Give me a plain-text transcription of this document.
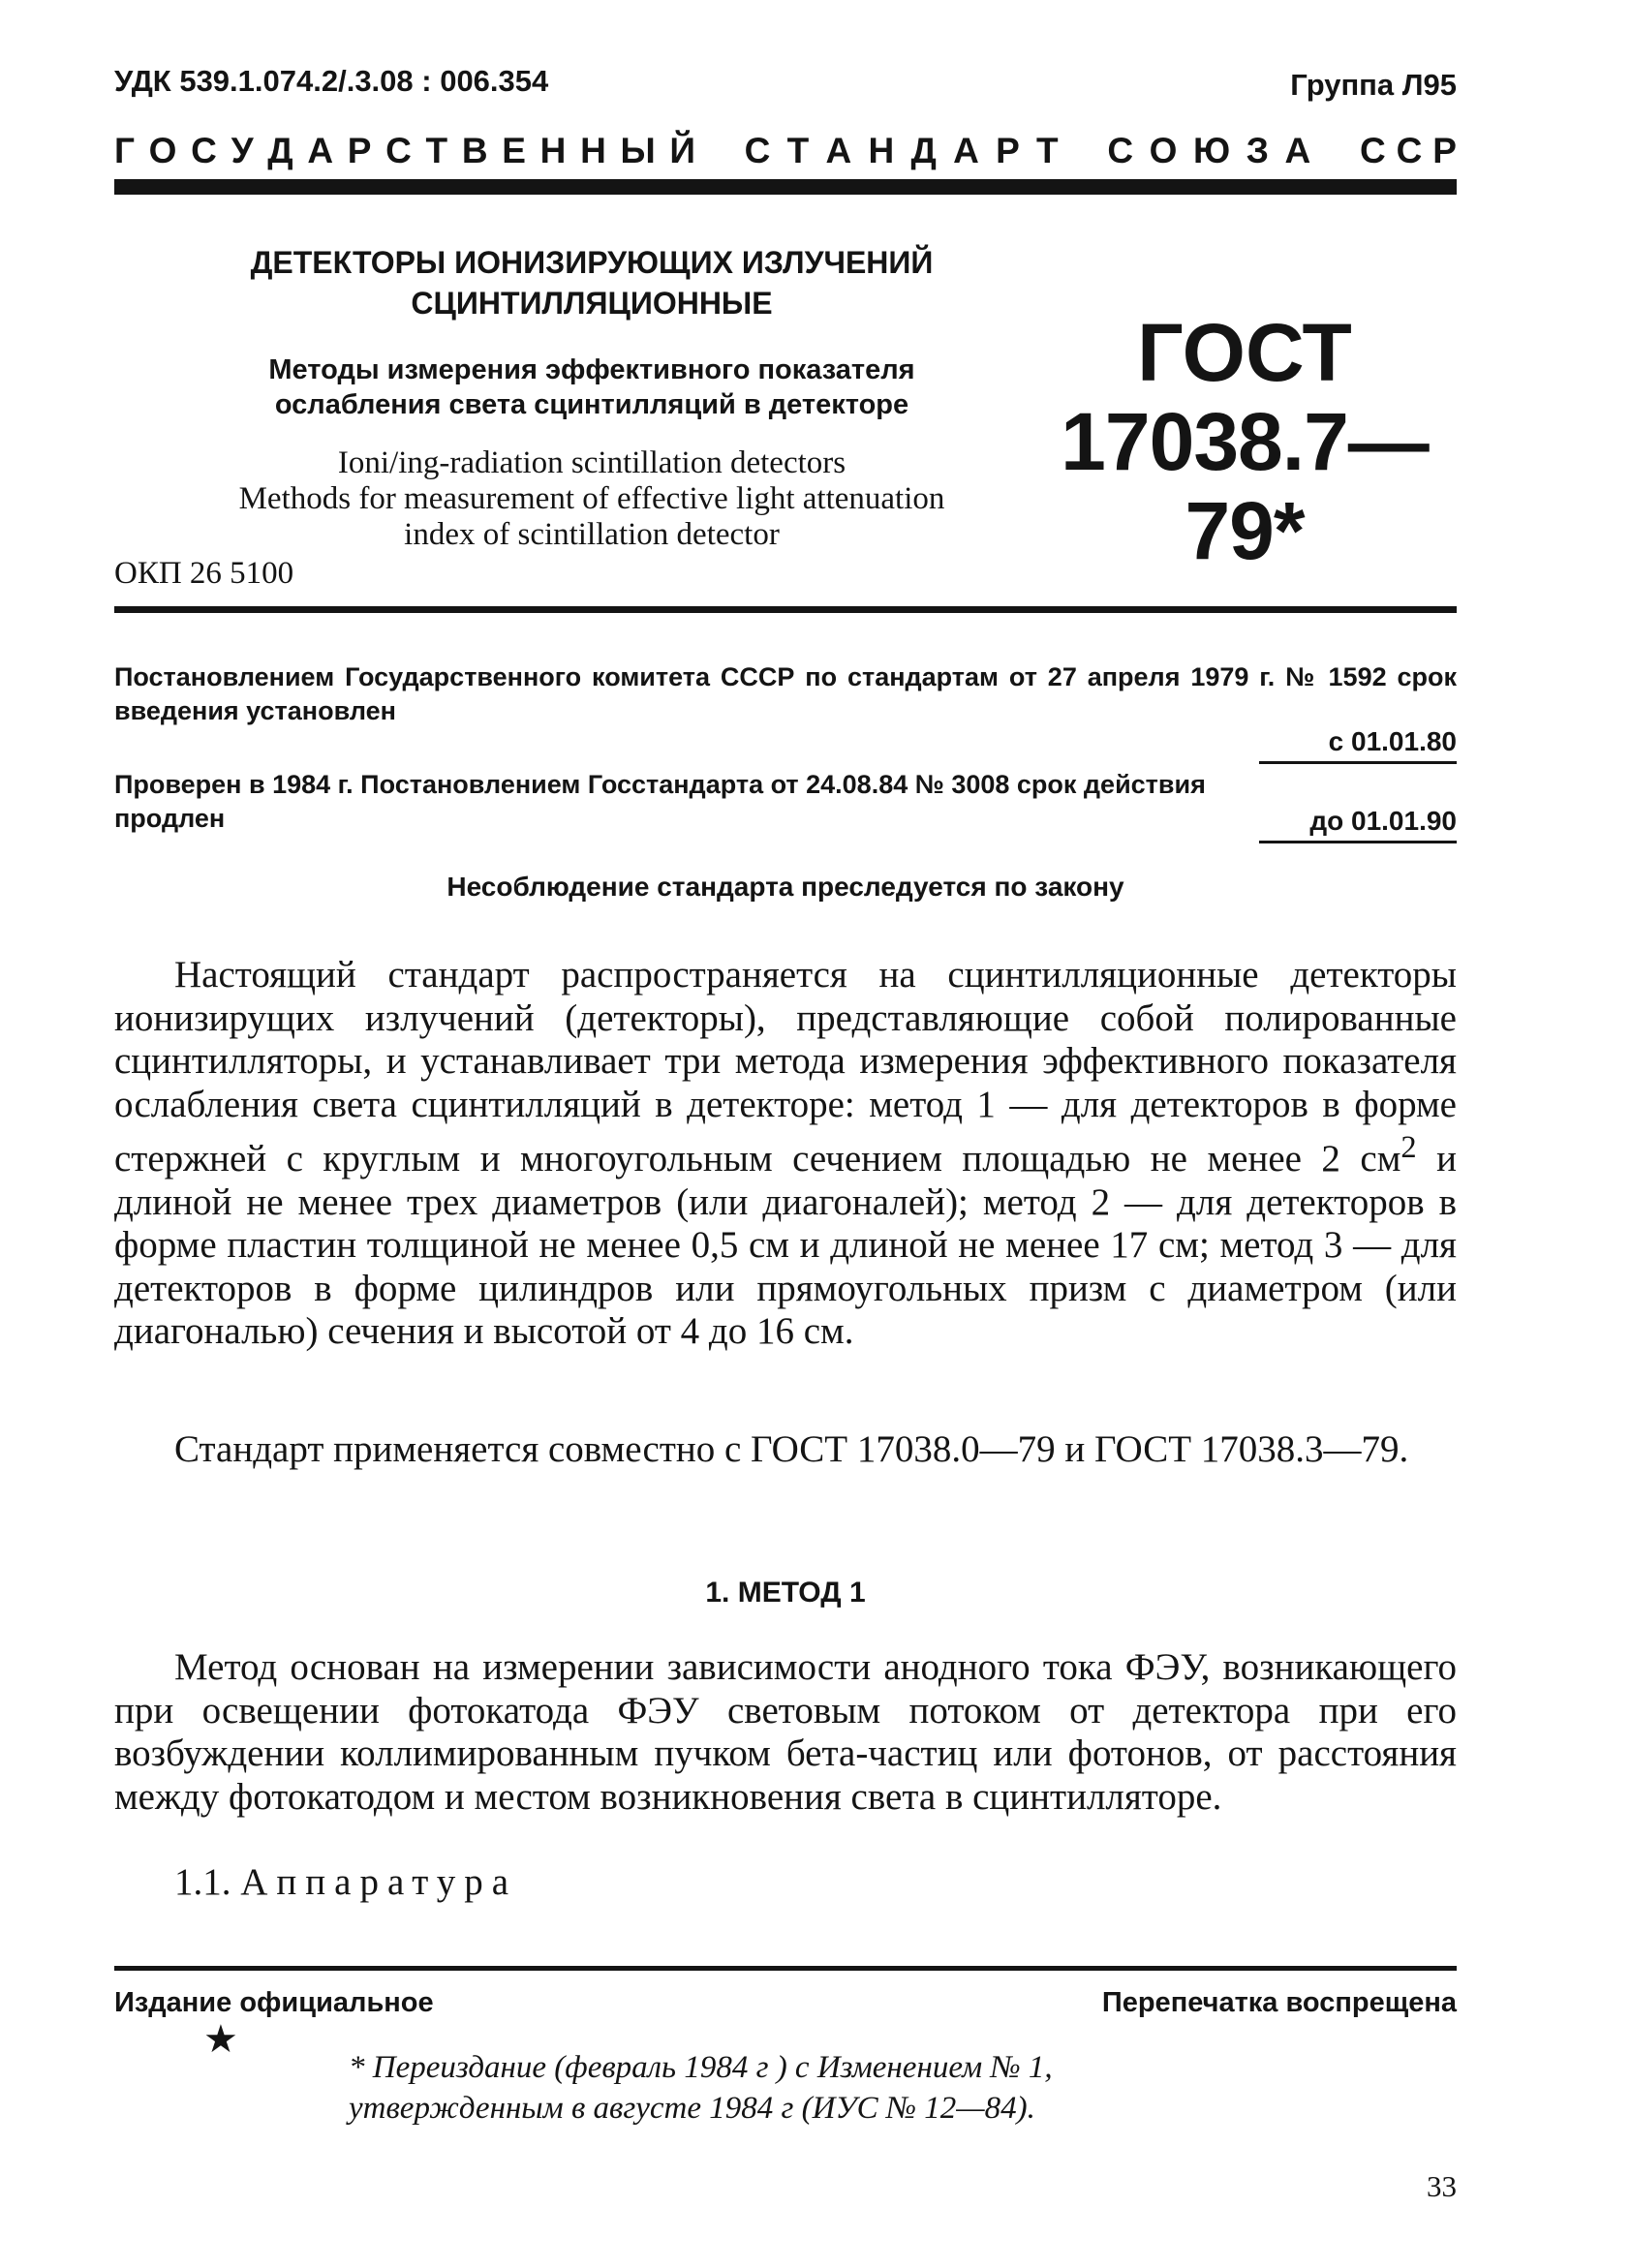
УДК 539.1.074.2/.3.08 : 006.354	Группа Л95
Г О С У Д А Р С Т В Е Н Н Ы Й С Т А Н Д А Р Т С О Ю З А С С Р
ДЕТЕКТОРЫ ИОНИЗИРУЮЩИХ ИЗЛУЧЕНИЙ
СЦИНТИЛЛЯЦИОННЫЕ
Методы измерения эффективного показателя
ослабления света сцинтилляций в детекторе
Ioni/ing-radiation scintillation detectors
Methods for measurement of effective light attenuation
index of scintillation detector
ОКП 26 5100
ГОСТ
17038.7—79*
Постановлением Государственного комитета СССР по стандартам от 27 апреля 1979 г. № 1592 срок введения установлен
с 01.01.80
Проверен в 1984 г. Постановлением Госстандарта от 24.08.84 № 3008 срок действия продлен	до 01.01.90
Несоблюдение стандарта преследуется по закону

Настоящий стандарт распространяется на сцинтилляционные детекторы ионизирущих излучений (детекторы), представляющие собой полированные сцинтилляторы, и устанавливает три метода измерения эффективного показателя ослабления света сцинтилляций в детекторе: метод 1 — для детекторов в форме стержней с круглым и многоугольным сечением площадью не менее 2 $см^2$ и длиной не менее трех диаметров (или диагоналей); метод 2 — для детекторов в форме пластин толщиной не менее 0,5 см и длиной не менее 17 см; метод 3 — для детекторов в форме цилиндров или прямоугольных призм с диаметром (или диагональю) сечения и высотой от 4 до 16 см.

Стандарт применяется совместно с ГОСТ 17038.0—79 и ГОСТ 17038.3—79.

1. МЕТОД 1

Метод основан на измерении зависимости анодного тока ФЭУ, возникающего при освещении фотокатода ФЭУ световым потоком от детектора при его возбуждении коллимированным пучком бета-частиц или фотонов, от расстояния между фотокатодом и местом возникновения света в сцинтилляторе.

1.1. Аппаратура
Издание официальное	Перепечатка воспрещена
★
* Переиздание (февраль 1984 г ) с Изменением № 1,
утвержденным в августе 1984 г (ИУС № 12—84).
33
